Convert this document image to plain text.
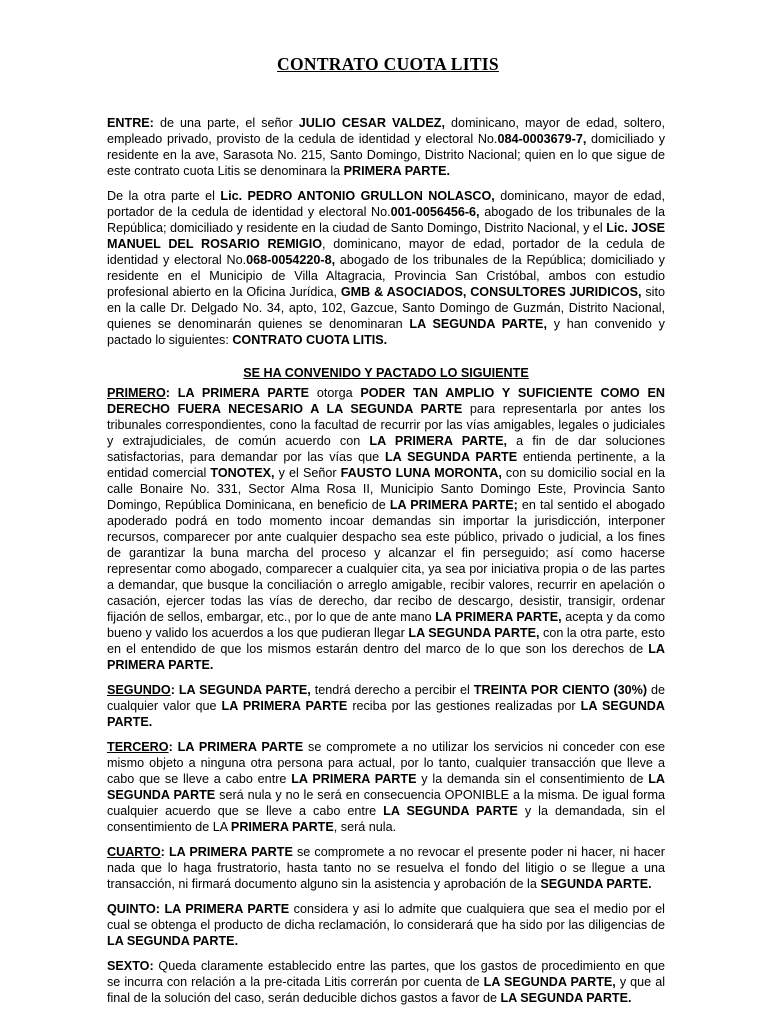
CONTRATO CUOTA LITIS

ENTRE: de una parte, el señor JULIO CESAR VALDEZ, dominicano, mayor de edad, soltero, empleado privado, provisto de la cedula de identidad y electoral No.084-0003679-7, domiciliado y residente en la ave, Sarasota No. 215, Santo Domingo, Distrito Nacional; quien en lo que sigue de este contrato cuota Litis se denominara la PRIMERA PARTE.

De la otra parte el Lic. PEDRO ANTONIO GRULLON NOLASCO, dominicano, mayor de edad, portador de la cedula de identidad y electoral No.001-0056456-6, abogado de los tribunales de la República; domiciliado y residente en la ciudad de Santo Domingo, Distrito Nacional, y el Lic. JOSE MANUEL DEL ROSARIO REMIGIO, dominicano, mayor de edad, portador de la cedula de identidad y electoral No.068-0054220-8, abogado de los tribunales de la República; domiciliado y residente en el Municipio de Villa Altagracia, Provincia San Cristóbal, ambos con estudio profesional abierto en la Oficina Jurídica, GMB & ASOCIADOS, CONSULTORES JURIDICOS, sito en la calle Dr. Delgado No. 34, apto, 102, Gazcue, Santo Domingo de Guzmán, Distrito Nacional, quienes se denominarán quienes se denominaran LA SEGUNDA PARTE, y han convenido y pactado lo siguientes: CONTRATO CUOTA LITIS.

SE HA CONVENIDO Y PACTADO LO SIGUIENTE

PRIMERO: LA PRIMERA PARTE otorga PODER TAN AMPLIO Y SUFICIENTE COMO EN DERECHO FUERA NECESARIO A LA SEGUNDA PARTE para representarla por antes los tribunales correspondientes, cono la facultad de recurrir por las vías amigables, legales o judiciales y extrajudiciales, de común acuerdo con LA PRIMERA PARTE, a fin de dar soluciones satisfactorias, para demandar por las vías que LA SEGUNDA PARTE entienda pertinente, a la entidad comercial TONOTEX, y el Señor FAUSTO LUNA MORONTA, con su domicilio social en la calle Bonaire No. 331, Sector Alma Rosa II, Municipio Santo Domingo Este, Provincia Santo Domingo, República Dominicana, en beneficio de LA PRIMERA PARTE; en tal sentido el abogado apoderado podrá en todo momento incoar demandas sin importar la jurisdicción, interponer recursos, comparecer por ante cualquier despacho sea este público, privado o judicial, a los fines de garantizar la buna marcha del proceso y alcanzar el fin perseguido; así como hacerse representar como abogado, comparecer a cualquier cita, ya sea por iniciativa propia o de las partes a demandar, que busque la conciliación o arreglo amigable, recibir valores, recurrir en apelación o casación, ejercer todas las vías de derecho, dar recibo de descargo, desistir, transigir, ordenar fijación de sellos, embargar, etc., por lo que de ante mano LA PRIMERA PARTE, acepta y da como bueno y valido los acuerdos a los que pudieran llegar LA SEGUNDA PARTE, con la otra parte, esto en el entendido de que los mismos estarán dentro del marco de lo que son los derechos de LA PRIMERA PARTE.

SEGUNDO: LA SEGUNDA PARTE, tendrá derecho a percibir el TREINTA POR CIENTO (30%) de cualquier valor que LA PRIMERA PARTE reciba por las gestiones realizadas por LA SEGUNDA PARTE.

TERCERO: LA PRIMERA PARTE se compromete a no utilizar los servicios ni conceder con ese mismo objeto a ninguna otra persona para actual, por lo tanto, cualquier transacción que lleve a cabo que se lleve a cabo entre LA PRIMERA PARTE y la demanda sin el consentimiento de LA SEGUNDA PARTE será nula y no le será en consecuencia OPONIBLE a la misma. De igual forma cualquier acuerdo que se lleve a cabo entre LA SEGUNDA PARTE y la demandada, sin el consentimiento de LA PRIMERA PARTE, será nula.

CUARTO: LA PRIMERA PARTE se compromete a no revocar el presente poder ni hacer, ni hacer nada que lo haga frustratorio, hasta tanto no se resuelva el fondo del litigio o se llegue a una transacción, ni firmará documento alguno sin la asistencia y aprobación de la SEGUNDA PARTE.

QUINTO: LA PRIMERA PARTE considera y asi lo admite que cualquiera que sea el medio por el cual se obtenga el producto de dicha reclamación, lo considerará que ha sido por las diligencias de LA SEGUNDA PARTE.

SEXTO: Queda claramente establecido entre las partes, que los gastos de procedimiento en que se incurra con relación a la pre-citada Litis correrán por cuenta de LA SEGUNDA PARTE, y que al final de la solución del caso, serán deducible dichos gastos a favor de LA SEGUNDA PARTE.
